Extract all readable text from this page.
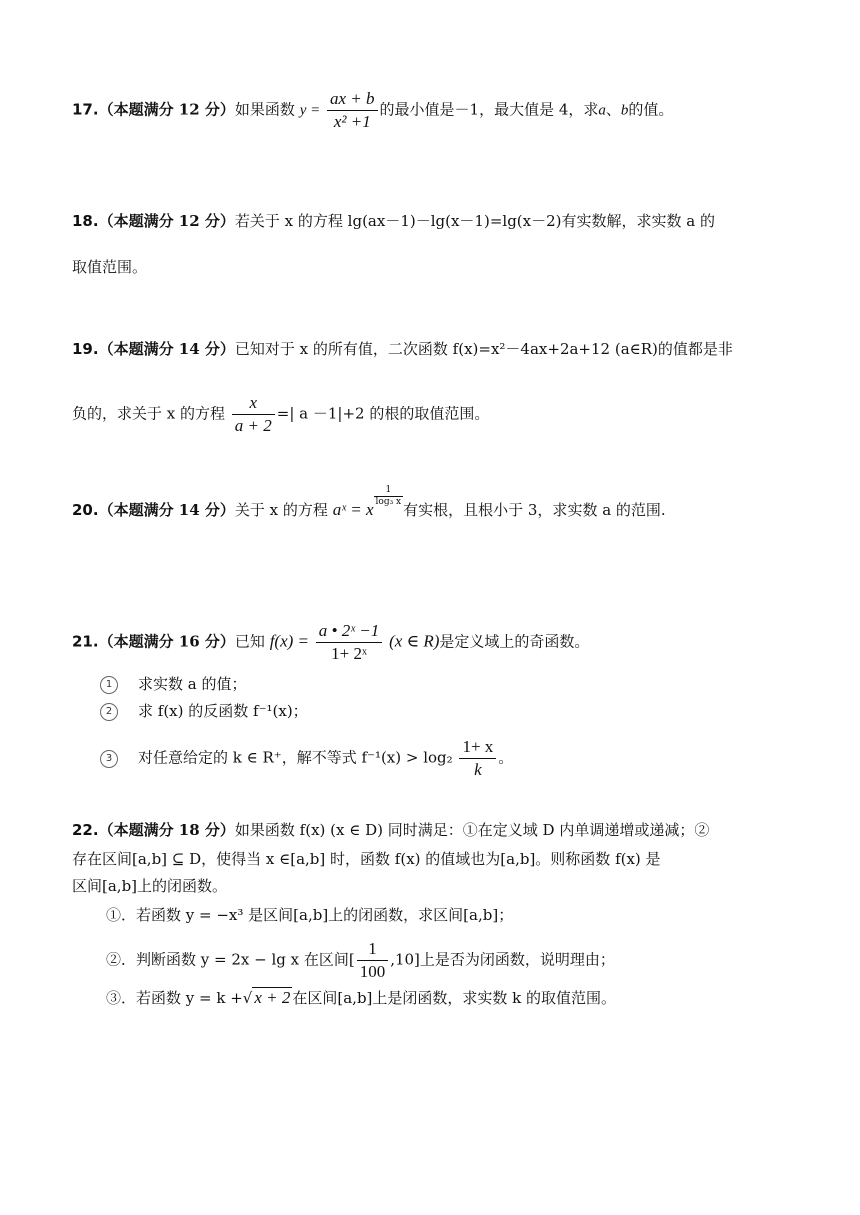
17.（本题满分 12 分）如果函数 $y = \frac{ax + b}{\text{x² +1}}$ 的最小值是－1，最大值是 4，求a、b的值。
18.（本题满分 12 分）若关于 x 的方程 lg(ax－1)－lg(x－1)=lg(x－2)有实数解，求实数 a 的
取值范围。
19.（本题满分 14 分）已知对于 x 的所有值，二次函数 f(x)=x²－4ax+2a+12 (a∈R)的值都是非
负的，求关于 x 的方程 $\frac{x}{a + 2}$ =| a －1|+2 的根的取值范围。
20.（本题满分 14 分）关于 x 的方程 aˣ = x
$\frac{1}{\text{log₃ x}}$
有实根，且根小于 3，求实数 a 的范围.
21.（本题满分 16 分）已知 $f(x) = \frac{\text{a • 2ˣ −1}}{\text{1+ 2ˣ}} (x$ ∈ R)是定义域上的奇函数。
1 求实数 a 的值；
2 求 f(x) 的反函数 f⁻¹(x)；
3 对任意给定的 k ∈ R⁺，解不等式 $f^{-1}(x) > \log_2 \frac{1+ x}{k}$ 。
22.（本题满分 18 分）如果函数 f(x) (x ∈ D) 同时满足：①在定义域 D 内单调递增或递减；②
存在区间[a,b] ⊆ D，使得当 x ∈[a,b] 时，函数 f(x) 的值域也为[a,b]。则称函数 f(x) 是
区间[a,b]上的闭函数。
①．若函数 y = −x³ 是区间[a,b]上的闭函数，求区间[a,b]；
②．判断函数 y = 2x − lg x 在区间[ $\frac{1}{100} ,10$]上是否为闭函数，说明理由；
③．若函数 y = k +√ x + 2 在区间[a,b]上是闭函数，求实数 k 的取值范围。
